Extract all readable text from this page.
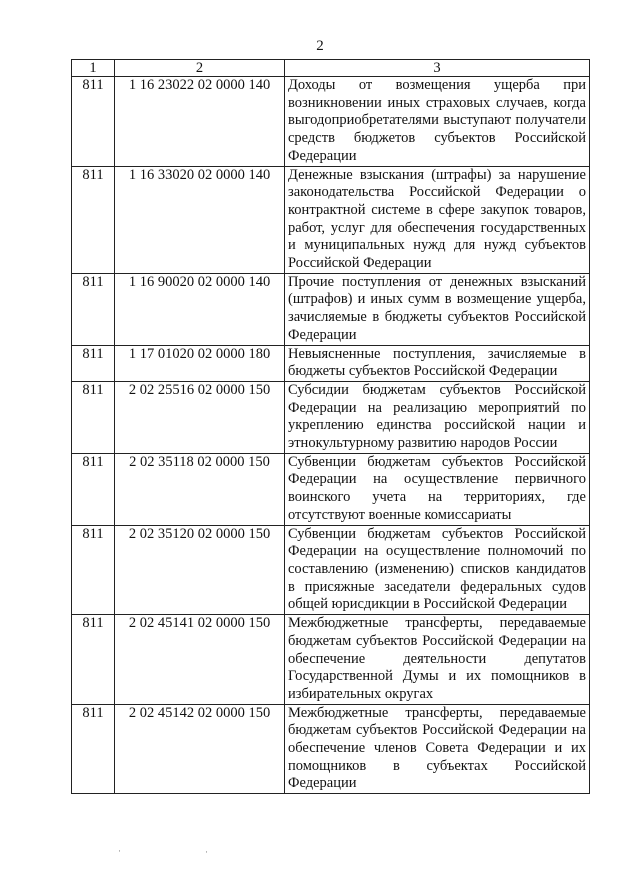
2
1	2	3
811	1 16 23022 02 0000 140	Доходы от возмещения ущерба при возникновении иных страховых случаев, когда выгодоприобретателями выступают получатели средств бюджетов субъектов Российской Федерации
811	1 16 33020 02 0000 140	Денежные взыскания (штрафы) за нарушение законодательства Российской Федерации о контрактной системе в сфере закупок товаров, работ, услуг для обеспечения государственных и муниципальных нужд для нужд субъектов Российской Федерации
811	1 16 90020 02 0000 140	Прочие поступления от денежных взысканий (штрафов) и иных сумм в возмещение ущерба, зачисляемые в бюджеты субъектов Российской Федерации
811	1 17 01020 02 0000 180	Невыясненные поступления, зачисляемые в бюджеты субъектов Российской Федерации
811	2 02 25516 02 0000 150	Субсидии бюджетам субъектов Российской Федерации на реализацию мероприятий по укреплению единства российской нации и этнокультурному развитию народов России
811	2 02 35118 02 0000 150	Субвенции бюджетам субъектов Российской Федерации на осуществление первичного воинского учета на территориях, где отсутствуют военные комиссариаты
811	2 02 35120 02 0000 150	Субвенции бюджетам субъектов Российской Федерации на осуществление полномочий по составлению (изменению) списков кандидатов в присяжные заседатели федеральных судов общей юрисдикции в Российской Федерации
811	2 02 45141 02 0000 150	Межбюджетные трансферты, передаваемые бюджетам субъектов Российской Федерации на обеспечение деятельности депутатов Государственной Думы и их помощников в избирательных округах
811	2 02 45142 02 0000 150	Межбюджетные трансферты, передаваемые бюджетам субъектов Российской Федерации на обеспечение членов Совета Федерации и их помощников в субъектах Российской Федерации
·	·
